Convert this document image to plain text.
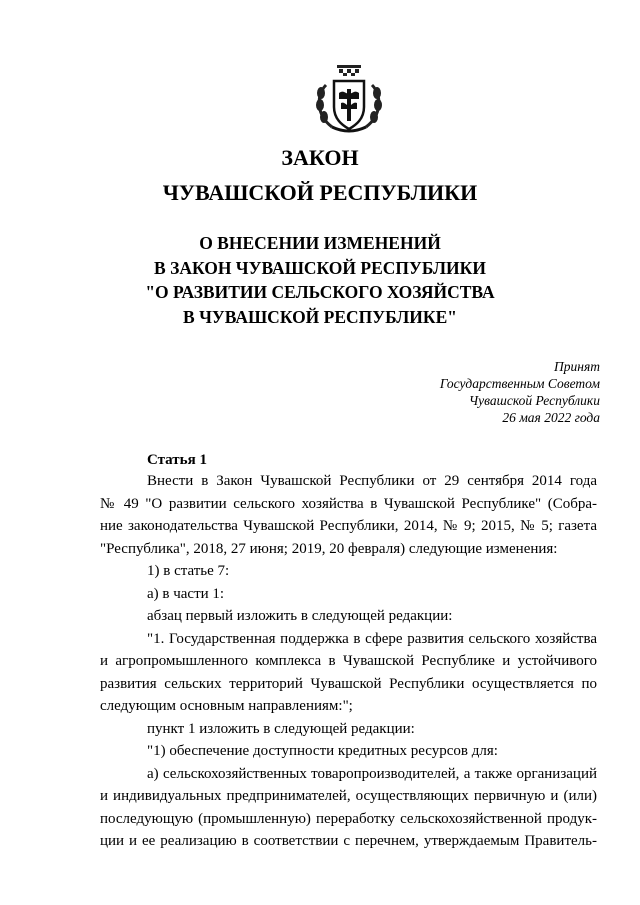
ЗАКОН
ЧУВАШСКОЙ РЕСПУБЛИКИ
О ВНЕСЕНИИ ИЗМЕНЕНИЙ
В ЗАКОН ЧУВАШСКОЙ РЕСПУБЛИКИ
"О РАЗВИТИИ СЕЛЬСКОГО ХОЗЯЙСТВА
В ЧУВАШСКОЙ РЕСПУБЛИКЕ"
Принят
Государственным Советом
Чувашской Республики
26 мая 2022 года
Статья 1
Внести в Закон Чувашской Республики от 29 сентября 2014 года
№ 49 "О развитии сельского хозяйства в Чувашской Республике" (Собра-
ние законодательства Чувашской Республики, 2014, № 9; 2015, № 5; газета
"Республика", 2018, 27 июня; 2019, 20 февраля) следующие изменения:
1) в статье 7:
а) в части 1:
абзац первый изложить в следующей редакции:
"1. Государственная поддержка в сфере развития сельского хозяйства
и агропромышленного комплекса в Чувашской Республике и устойчивого
развития сельских территорий Чувашской Республики осуществляется по
следующим основным направлениям:";
пункт 1 изложить в следующей редакции:
"1) обеспечение доступности кредитных ресурсов для:
а) сельскохозяйственных товаропроизводителей, а также организаций
и индивидуальных предпринимателей, осуществляющих первичную и (или)
последующую (промышленную) переработку сельскохозяйственной продук-
ции и ее реализацию в соответствии с перечнем, утверждаемым Правитель-
